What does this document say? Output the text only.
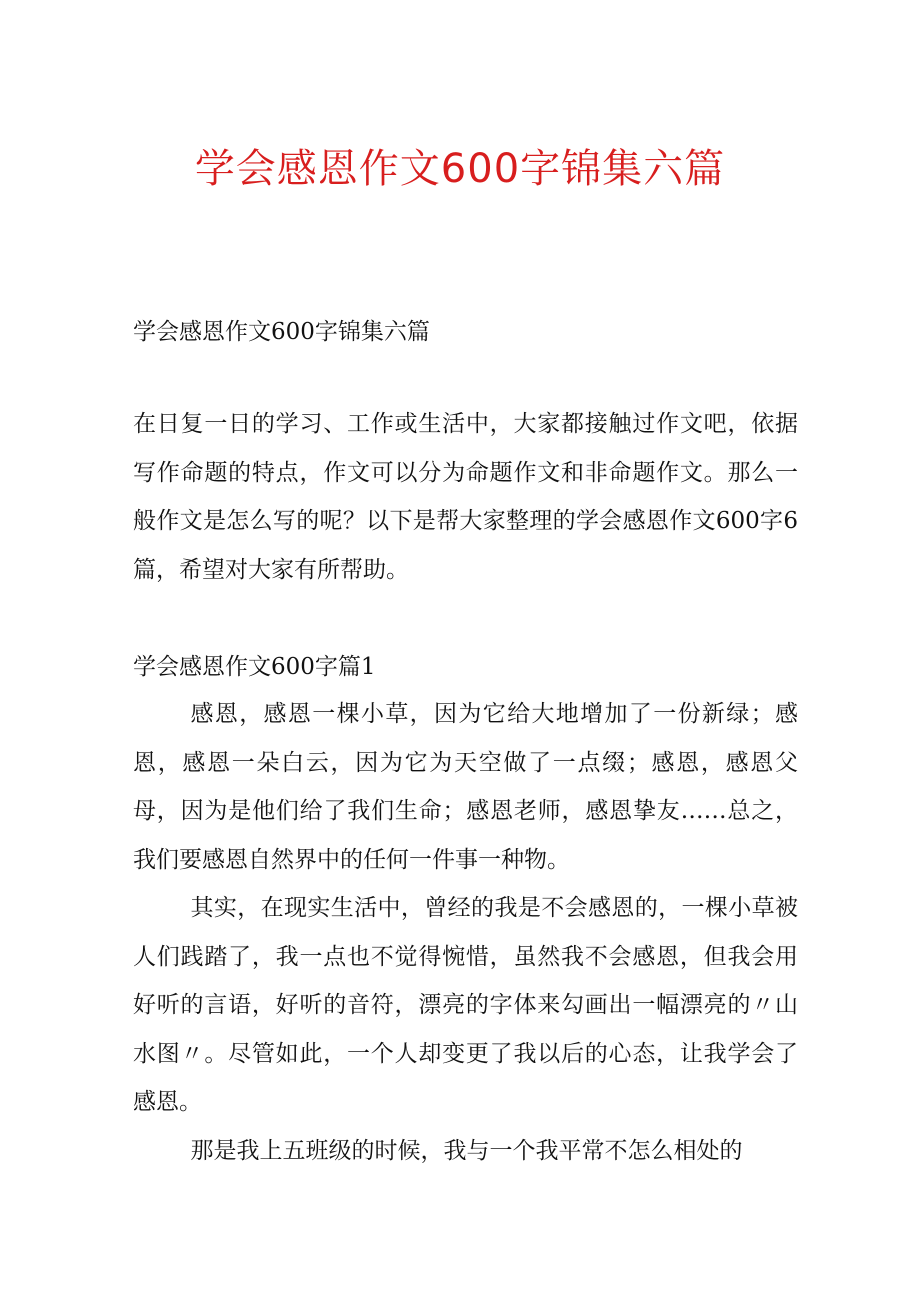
学会感恩作文600字锦集六篇
学会感恩作文600字锦集六篇

在日复一日的学习、工作或生活中，大家都接触过作文吧，依据写作命题的特点，作文可以分为命题作文和非命题作文。那么一般作文是怎么写的呢？以下是帮大家整理的学会感恩作文600字6篇，希望对大家有所帮助。

学会感恩作文600字篇1

感恩，感恩一棵小草，因为它给大地增加了一份新绿；感恩，感恩一朵白云，因为它为天空做了一点缀；感恩，感恩父母，因为是他们给了我们生命；感恩老师，感恩挚友……总之，我们要感恩自然界中的任何一件事一种物。

其实，在现实生活中，曾经的我是不会感恩的，一棵小草被人们践踏了，我一点也不觉得惋惜，虽然我不会感恩，但我会用好听的言语，好听的音符，漂亮的字体来勾画出一幅漂亮的〃山水图〃。尽管如此，一个人却变更了我以后的心态，让我学会了感恩。

那是我上五班级的时候，我与一个我平常不怎么相处的
